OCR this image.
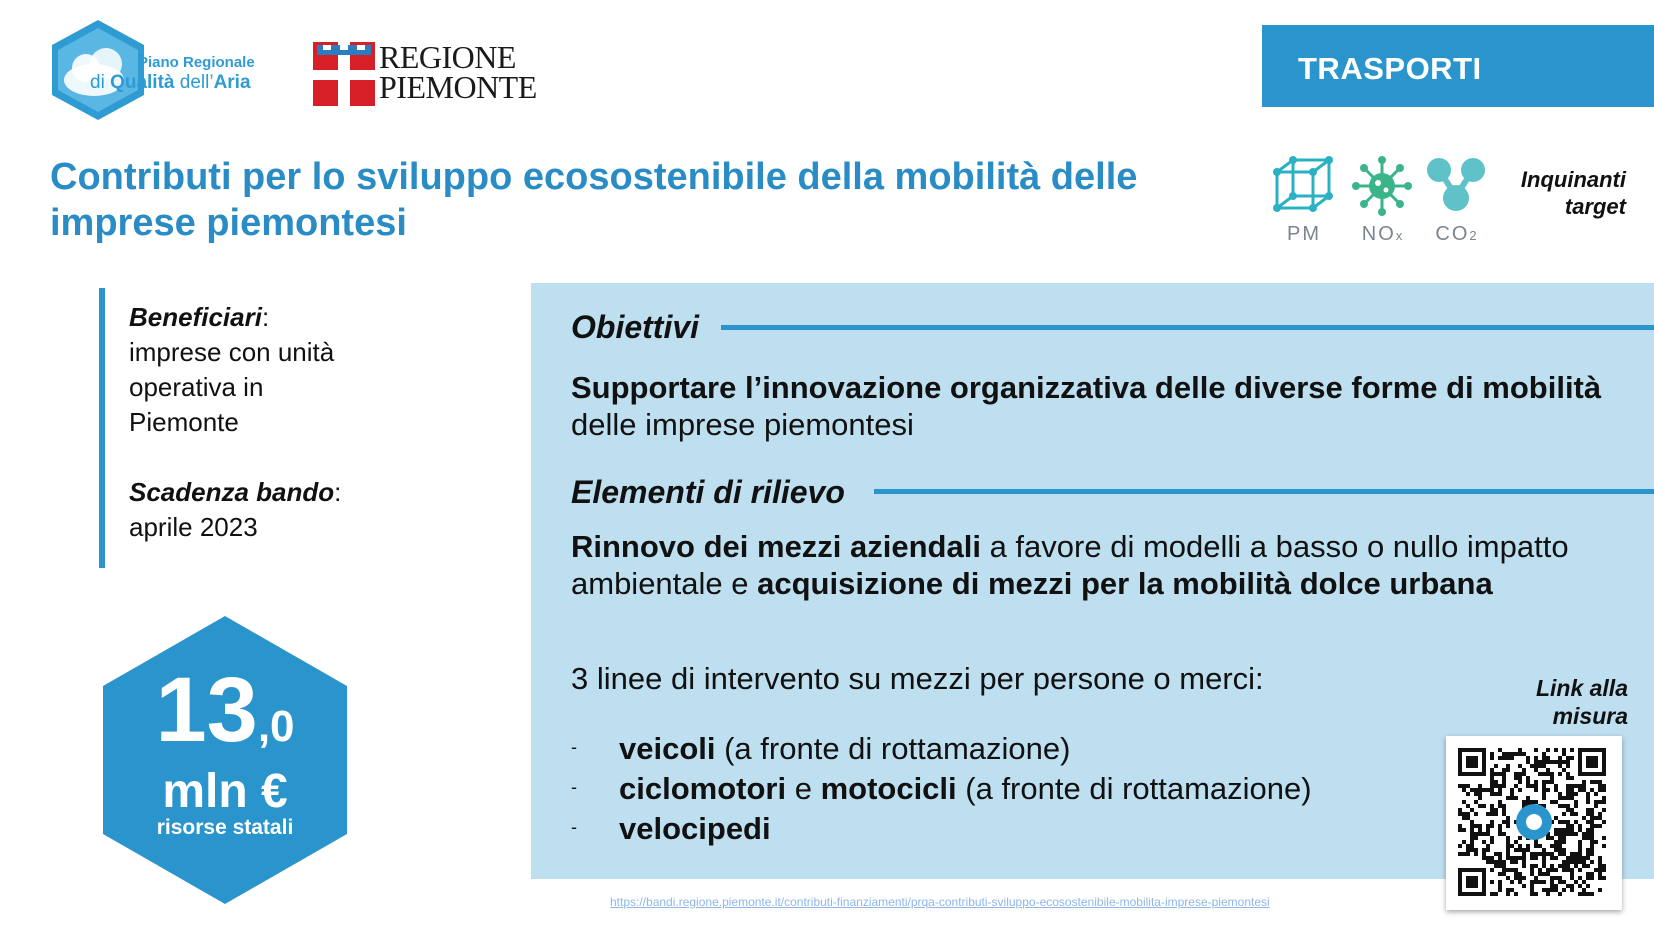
Piano Regionale
di Qualità dell’Aria
REGIONE
PIEMONTE
TRASPORTI
Contributi per lo sviluppo ecosostenibile della mobilità delle imprese piemontesi	PM	NOx	CO2
Inquinanti
target
Beneficiari:
imprese con unità
operativa in
Piemonte
Scadenza bando:
aprile 2023
13,0
mln €
risorse statali
Obiettivi
Supportare l’innovazione organizzativa delle diverse forme di mobilità delle imprese piemontesi
Elementi di rilievo
Rinnovo dei mezzi aziendali a favore di modelli a basso o nullo impatto ambientale e acquisizione di mezzi per la mobilità dolce urbana
3 linee di intervento su mezzi per persone o merci:
- veicoli (a fronte di rottamazione)
- ciclomotori e motocicli (a fronte di rottamazione)
- velocipedi
Link alla
misura
https://bandi.regione.piemonte.it/contributi-finanziamenti/prqa-contributi-sviluppo-ecosostenibile-mobilita-imprese-piemontesi
